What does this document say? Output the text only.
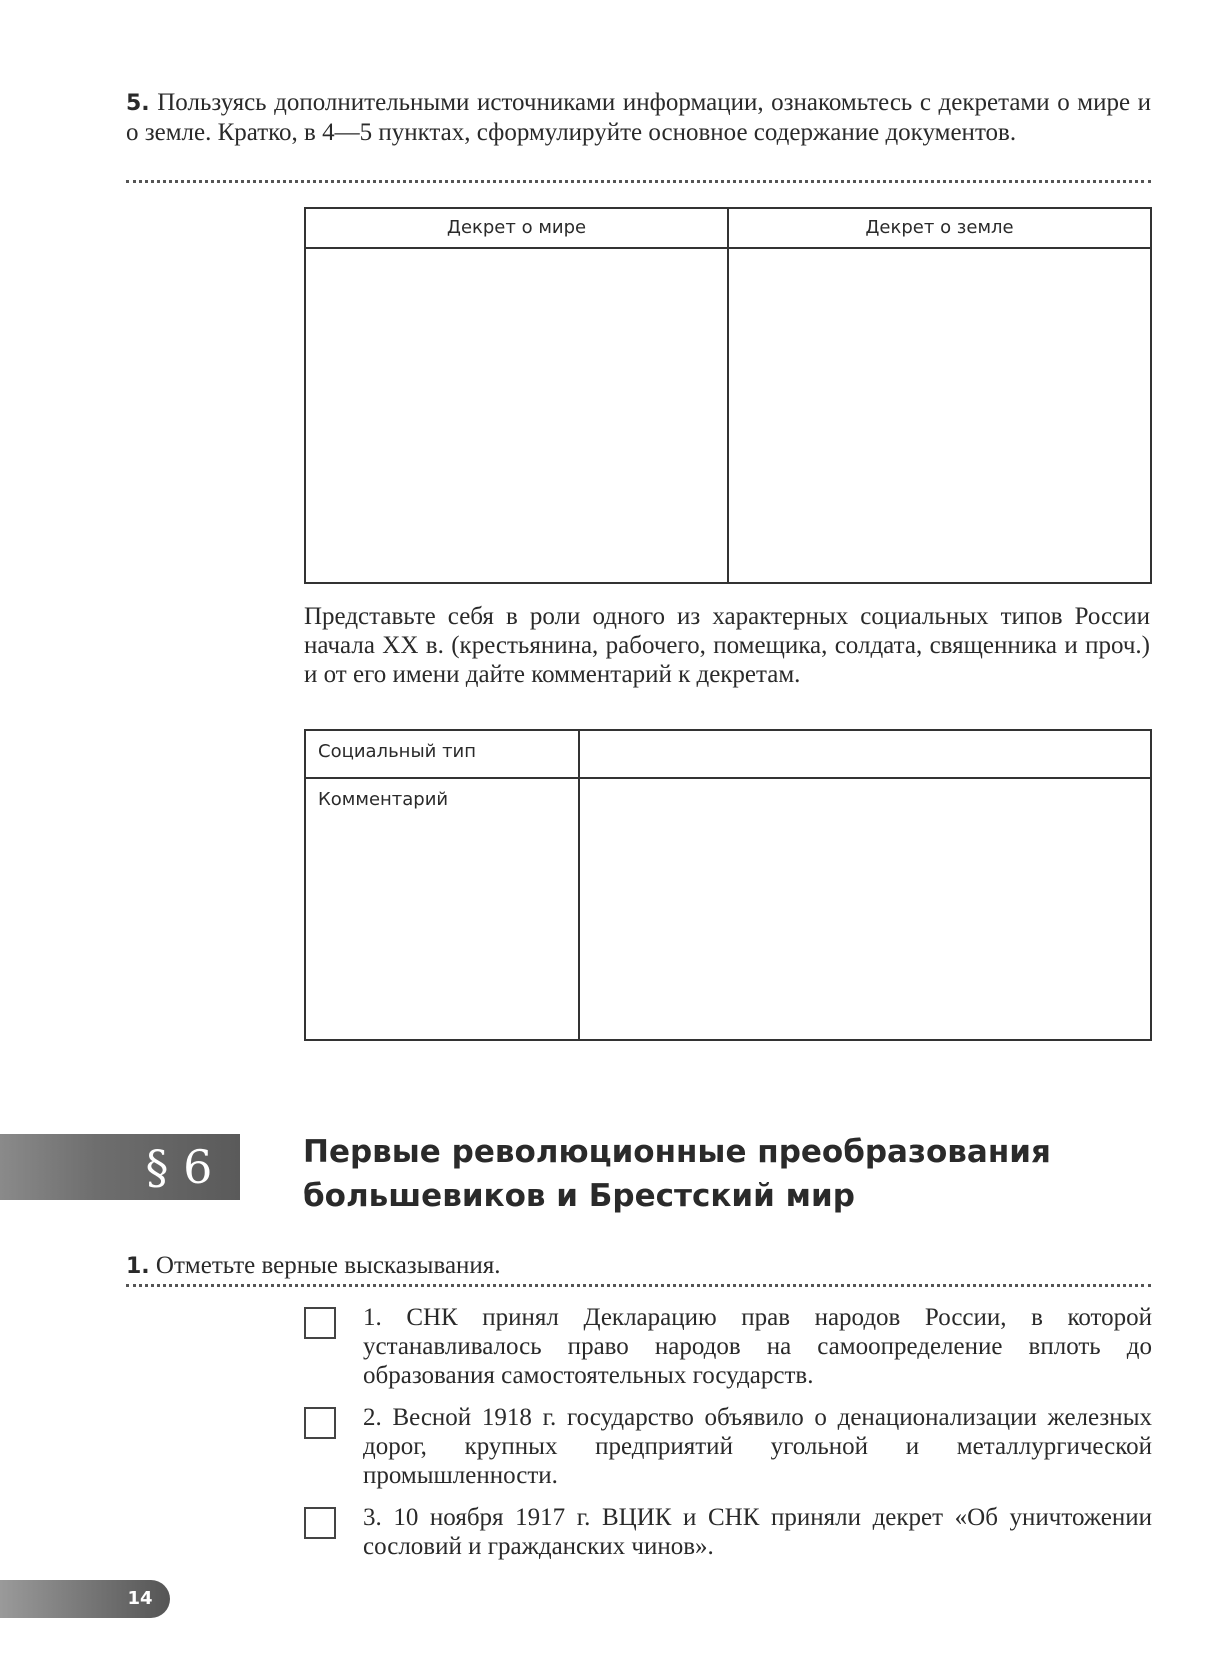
5. Пользуясь дополнительными источниками информации, ознакомьтесь с декретами о мире и о земле. Кратко, в 4—5 пунктах, сформулируйте основное содержание документов.
Декрет о мире	Декрет о земле

Представьте себя в роли одного из характерных социальных типов России начала XX в. (крестьянина, рабочего, помещика, солдата, священника и проч.) и от его имени дайте комментарий к декретам.
Социальный тип	
Комментарий	
§ 6	Первые революционные преобразования
большевиков и Брестский мир
1. Отметьте верные высказывания.
1. СНК принял Декларацию прав народов России, в которой устанавливалось право народов на самоопределение вплоть до образования самостоятельных государств.
2. Весной 1918 г. государство объявило о денационализации железных дорог, крупных предприятий угольной и металлургической промышленности.
3. 10 ноября 1917 г. ВЦИК и СНК приняли декрет «Об уничтожении сословий и гражданских чинов».
14
